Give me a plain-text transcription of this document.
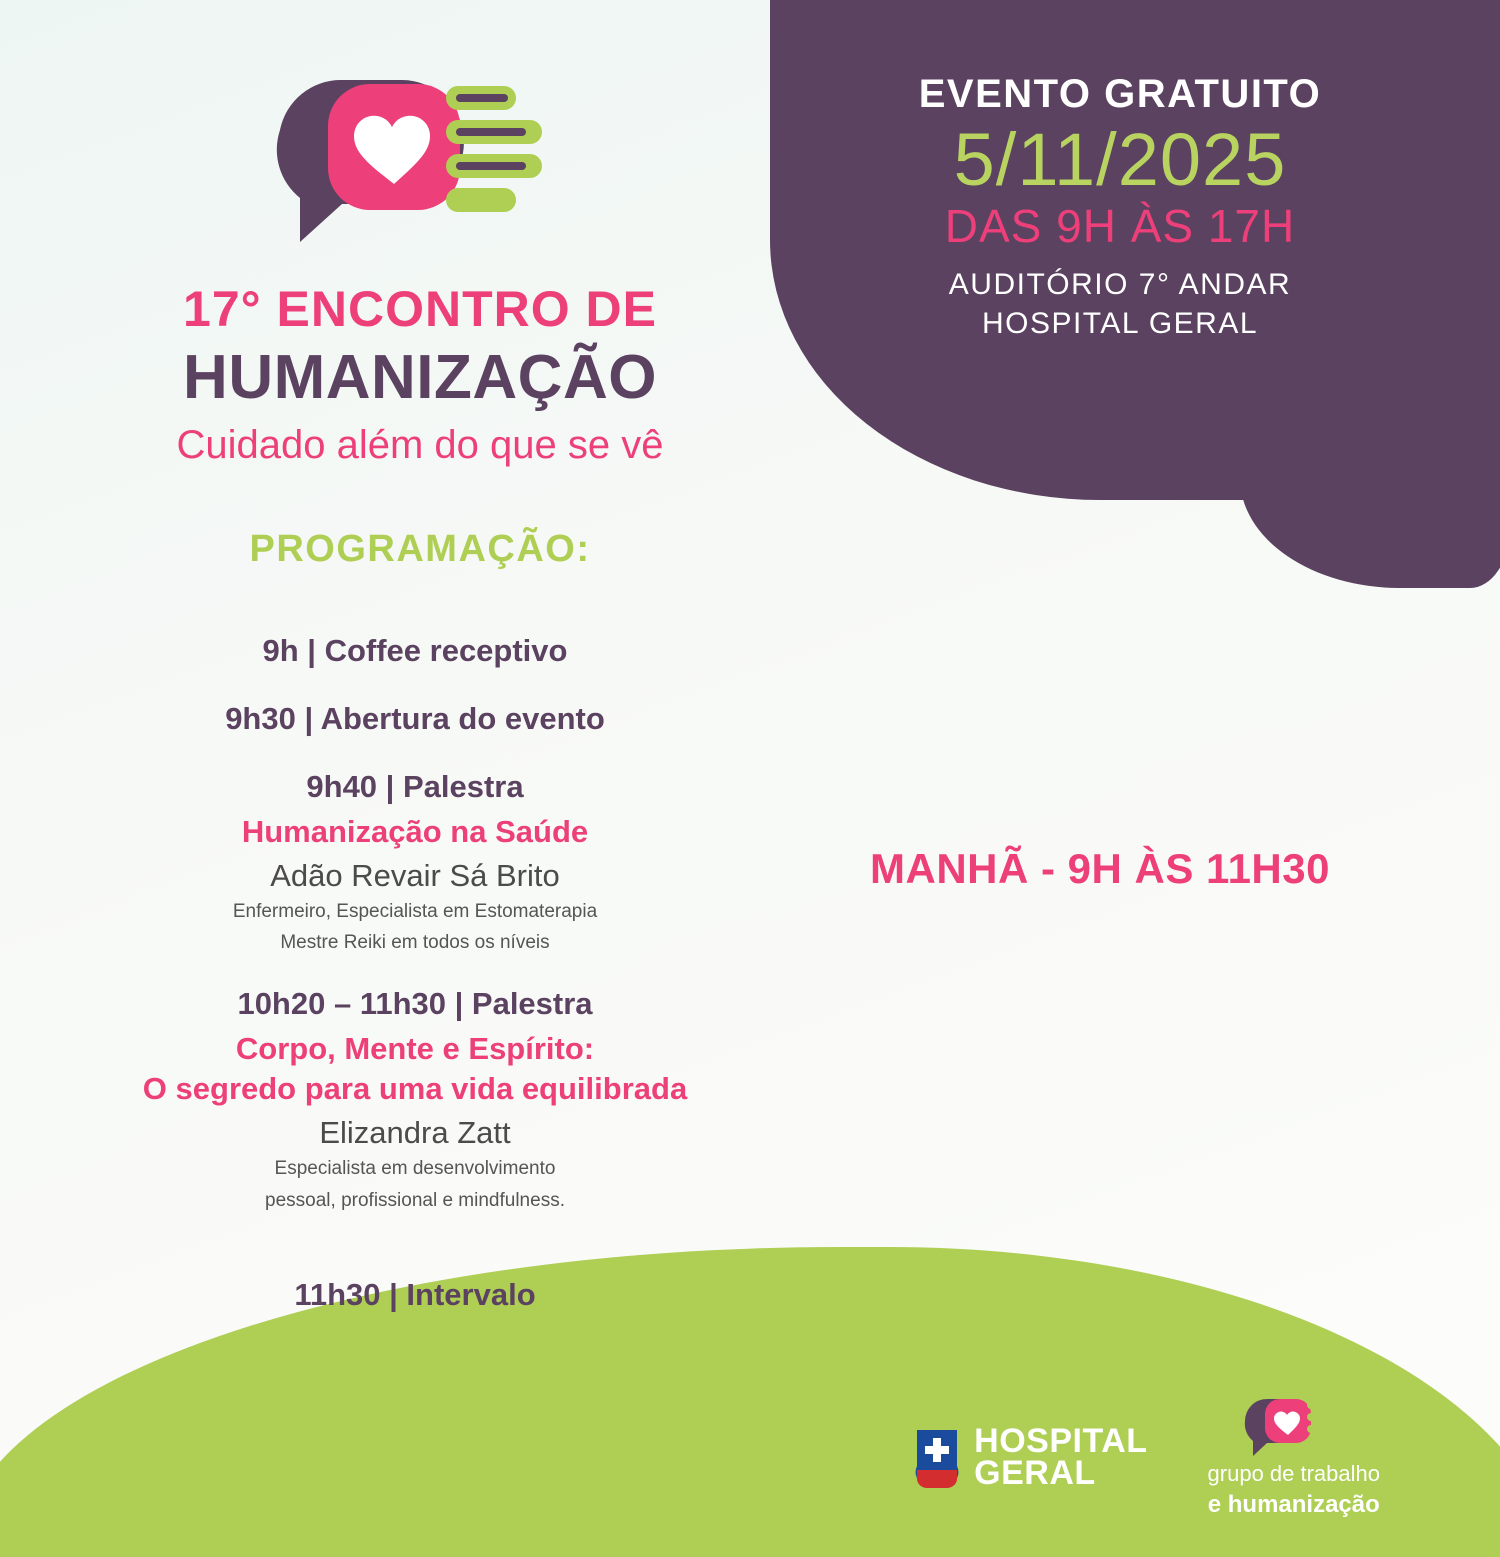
EVENTO GRATUITO
5/11/2025
DAS 9H ÀS 17H
AUDITÓRIO 7° ANDAR
HOSPITAL GERAL
17° ENCONTRO DE
HUMANIZAÇÃO
Cuidado além do que se vê
PROGRAMAÇÃO:
9h | Coffee receptivo
9h30 | Abertura do evento
9h40 | Palestra
Humanização na Saúde
Adão Revair Sá Brito
Enfermeiro, Especialista em Estomaterapia
Mestre Reiki em todos os níveis
10h20 – 11h30 | Palestra
Corpo, Mente e Espírito:
O segredo para uma vida equilibrada
Elizandra Zatt
Especialista em desenvolvimento
pessoal, profissional e mindfulness.
11h30 | Intervalo
MANHÃ - 9H ÀS 11H30
HOSPITAL
GERAL	grupo de trabalho
e humanização
